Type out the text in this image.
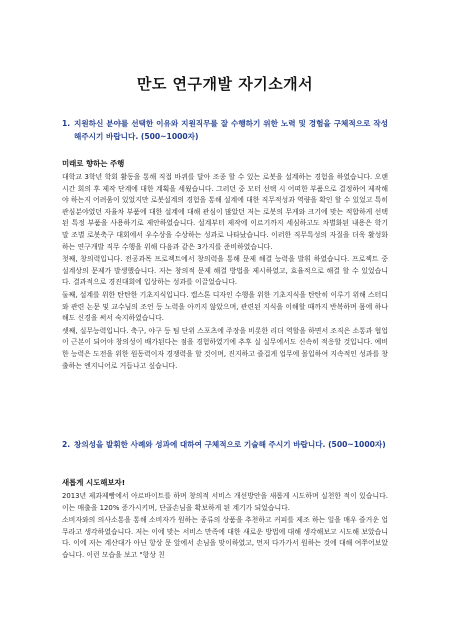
만도 연구개발 자기소개서
1. 지원하신 분야를 선택한 이유와 지원직무를 잘 수행하기 위한 노력 및 경험을 구체적으로 작성해주시기 바랍니다. (500~1000자)
미래로 향하는 주행

대학교 3학년 학회 활동을 통해 직접 바퀴를 달아 조종 할 수 있는 로봇을 설계하는 경험을 하였습니다. 오랜 시간 회의 후 제작 단계에 대한 계획을 세웠습니다. 그러던 중 모터 선택 시 어떠한 부품으로 결정하여 제작해야 하는지 어려움이 있었지만 로봇설계의 경험을 통해 설계에 대한 직무적성과 역량을 확인 할 수 있었고 특히 관심분야였던 자율차 부품에 대한 설계에 대해 관심이 많았던 저는 로봇의 무게와 크기에 맞는 적합하게 선택된 특정 부품을 사용하기로 제안하였습니다. 설계부터 제작에 이르기까지 세심하고도 차별화된 내용은 학기 말 조별 로봇축구 대회에서 우수상을 수상하는 성과로 나타났습니다. 이러한 직무특성의 자질을 더욱 활성화하는 연구개발 직무 수행을 위해 다음과 같은 3가지를 준비하였습니다.

첫째, 창의력입니다. 전공과목 프로젝트에서 창의력을 통해 문제 해결 능력을 발휘 하였습니다. 프로젝트 중 설계상의 문제가 발생했습니다. 저는 창의적 문제 해결 방법을 제시하였고, 효율적으로 해결 할 수 있었습니다. 결과적으로 경진대회에 입상하는 성과를 이끌었습니다.

둘째, 설계를 위한 탄탄한 기초지식입니다. 캡스톤 디자인 수행을 위한 기초지식을 탄탄히 이루기 위해 스터디와 관련 논문 및 교수님의 조언 등 노력을 아끼지 않았으며, 관련된 지식을 이해할 때까지 반복하며 몸에 하나해도 신경을 써서 숙지하였습니다.

셋째, 실무능력입니다. 축구, 야구 등 팀 단위 스포츠에 주장을 비롯한 리더 역할을 하면서 조직은 소통과 협업이 근본이 되어야 창의성이 배가된다는 점을 경험하였기에 추후 실 실무에서도 신속히 적응할 것입니다. 예비한 능력은 도전을 위한 원동력이자 경쟁력을 할 것이며, 진지하고 즐겁게 업무에 몰입하여 지속적인 성과를 창출하는 엔지니어로 거듭나고 싶습니다.

2. 창의성을 발휘한 사례와 성과에 대하여 구체적으로 기술해 주시기 바랍니다. (500~1000자)
새롭게 시도해보자!

2013년 제과제빵에서 아르바이트를 하며 창의적 서비스 개선방안을 새롭게 시도하며 실천한 적이 있습니다. 이는 매출을 120% 증가시키며, 단골손님을 확보하게 된 계기가 되었습니다.

소비자와의 의사소통을 통해 소비자가 원하는 종류의 상품을 추천하고 커피를 제조 하는 일을 매우 즐거운 업무라고 생각하였습니다. 저는 이에 맞는 서비스 만족에 대한 새로운 방법에 대해 생각해보고 시도해 보았습니다. 이에 저는 계산대가 아닌 항상 문 앞에서 손님을 맞이하였고, 먼저 다가가서 원하는 것에 대해 여쭈어보았습니다. 이런 모습을 보고 "항상 친
